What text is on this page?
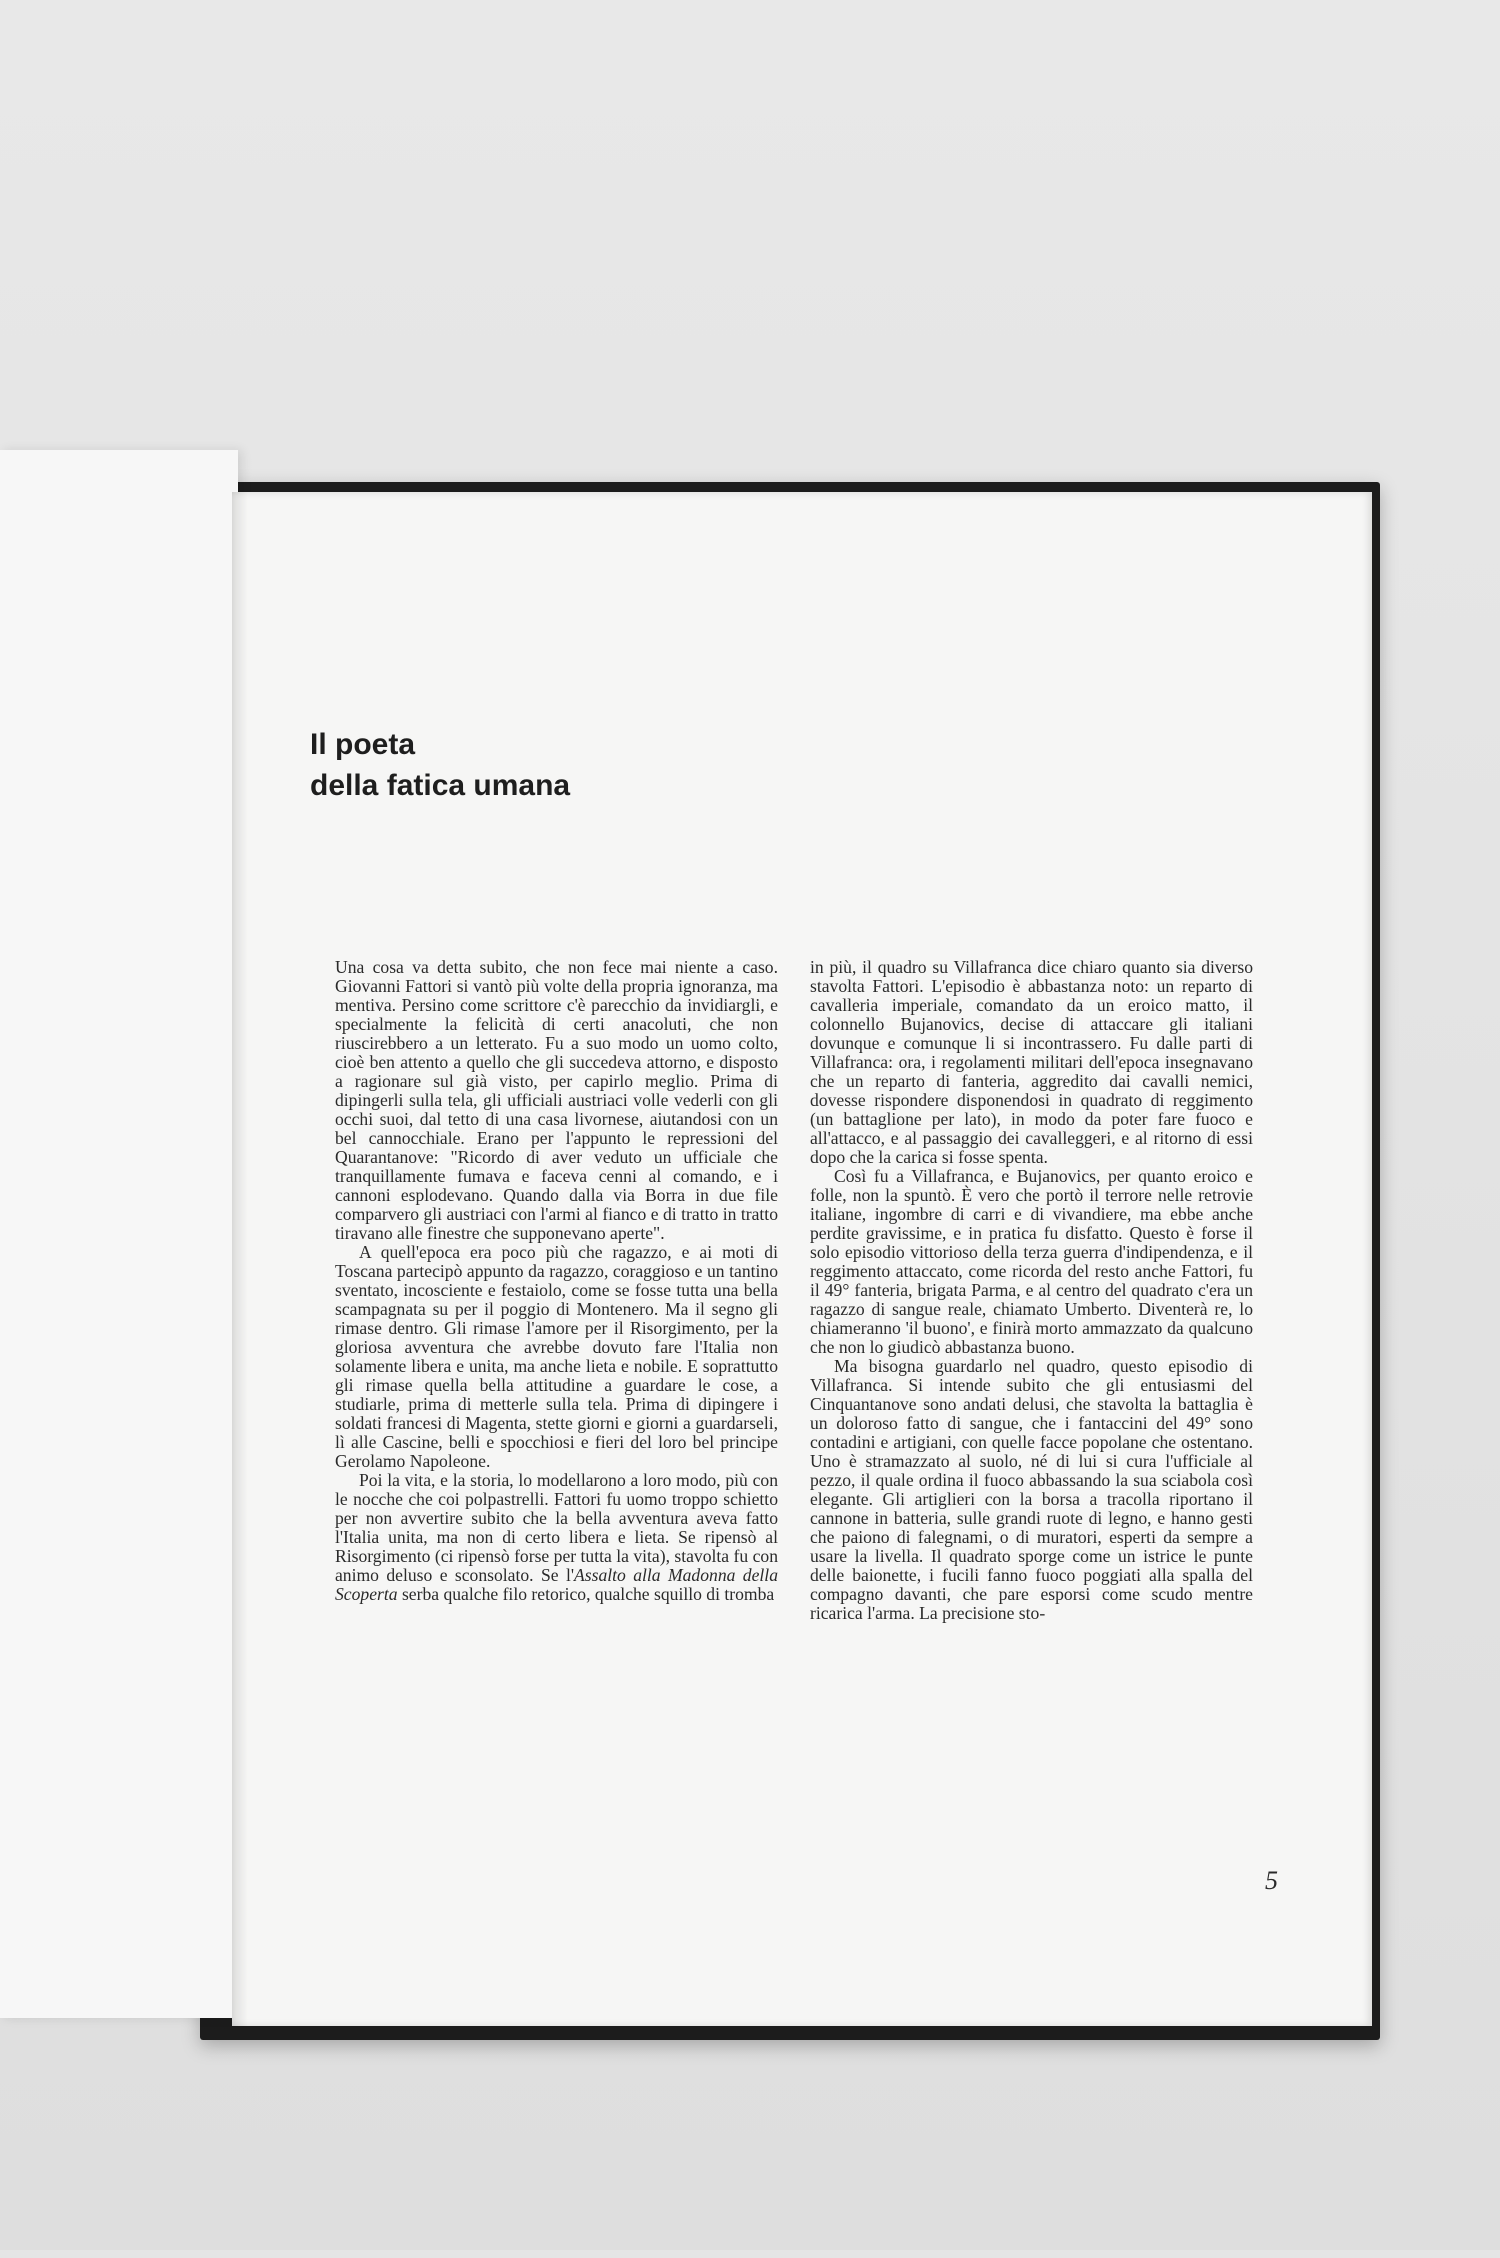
Il poeta
della fatica umana

Una cosa va detta subito, che non fece mai niente a caso. Giovanni Fattori si vantò più volte della propria ignoranza, ma mentiva. Persino come scrittore c'è parecchio da invidiargli, e specialmente la felicità di certi anacoluti, che non riuscirebbero a un letterato. Fu a suo modo un uomo colto, cioè ben attento a quello che gli succedeva attorno, e disposto a ragionare sul già visto, per capirlo meglio. Prima di dipingerli sulla tela, gli ufficiali austriaci volle vederli con gli occhi suoi, dal tetto di una casa livornese, aiutandosi con un bel cannocchiale. Erano per l'appunto le repressioni del Quarantanove: "Ricordo di aver veduto un ufficiale che tranquillamente fumava e faceva cenni al comando, e i cannoni esplodevano. Quando dalla via Borra in due file comparvero gli austriaci con l'armi al fianco e di tratto in tratto tiravano alle finestre che supponevano aperte".

A quell'epoca era poco più che ragazzo, e ai moti di Toscana partecipò appunto da ragazzo, coraggioso e un tantino sventato, incosciente e festaiolo, come se fosse tutta una bella scampagnata su per il poggio di Montenero. Ma il segno gli rimase dentro. Gli rimase l'amore per il Risorgimento, per la gloriosa avventura che avrebbe dovuto fare l'Italia non solamente libera e unita, ma anche lieta e nobile. E soprattutto gli rimase quella bella attitudine a guardare le cose, a studiarle, prima di metterle sulla tela. Prima di dipingere i soldati francesi di Magenta, stette giorni e giorni a guardarseli, lì alle Cascine, belli e spocchiosi e fieri del loro bel principe Gerolamo Napoleone.

Poi la vita, e la storia, lo modellarono a loro modo, più con le nocche che coi polpastrelli. Fattori fu uomo troppo schietto per non avvertire subito che la bella avventura aveva fatto l'Italia unita, ma non di certo libera e lieta. Se ripensò al Risorgimento (ci ripensò forse per tutta la vita), stavolta fu con animo deluso e sconsolato. Se l'Assalto alla Madonna della Scoperta serba qualche filo retorico, qualche squillo di tromba

in più, il quadro su Villafranca dice chiaro quanto sia diverso stavolta Fattori. L'episodio è abbastanza noto: un reparto di cavalleria imperiale, comandato da un eroico matto, il colonnello Bujanovics, decise di attaccare gli italiani dovunque e comunque li si incontrassero. Fu dalle parti di Villafranca: ora, i regolamenti militari dell'epoca insegnavano che un reparto di fanteria, aggredito dai cavalli nemici, dovesse rispondere disponendosi in quadrato di reggimento (un battaglione per lato), in modo da poter fare fuoco e all'attacco, e al passaggio dei cavalleggeri, e al ritorno di essi dopo che la carica si fosse spenta.

Così fu a Villafranca, e Bujanovics, per quanto eroico e folle, non la spuntò. È vero che portò il terrore nelle retrovie italiane, ingombre di carri e di vivandiere, ma ebbe anche perdite gravissime, e in pratica fu disfatto. Questo è forse il solo episodio vittorioso della terza guerra d'indipendenza, e il reggimento attaccato, come ricorda del resto anche Fattori, fu il 49° fanteria, brigata Parma, e al centro del quadrato c'era un ragazzo di sangue reale, chiamato Umberto. Diventerà re, lo chiameranno 'il buono', e finirà morto ammazzato da qualcuno che non lo giudicò abbastanza buono.

Ma bisogna guardarlo nel quadro, questo episodio di Villafranca. Si intende subito che gli entusiasmi del Cinquantanove sono andati delusi, che stavolta la battaglia è un doloroso fatto di sangue, che i fantaccini del 49° sono contadini e artigiani, con quelle facce popolane che ostentano. Uno è stramazzato al suolo, né di lui si cura l'ufficiale al pezzo, il quale ordina il fuoco abbassando la sua sciabola così elegante. Gli artiglieri con la borsa a tracolla riportano il cannone in batteria, sulle grandi ruote di legno, e hanno gesti che paiono di falegnami, o di muratori, esperti da sempre a usare la livella. Il quadrato sporge come un istrice le punte delle baionette, i fucili fanno fuoco poggiati alla spalla del compagno davanti, che pare esporsi come scudo mentre ricarica l'arma. La precisione sto-

5
